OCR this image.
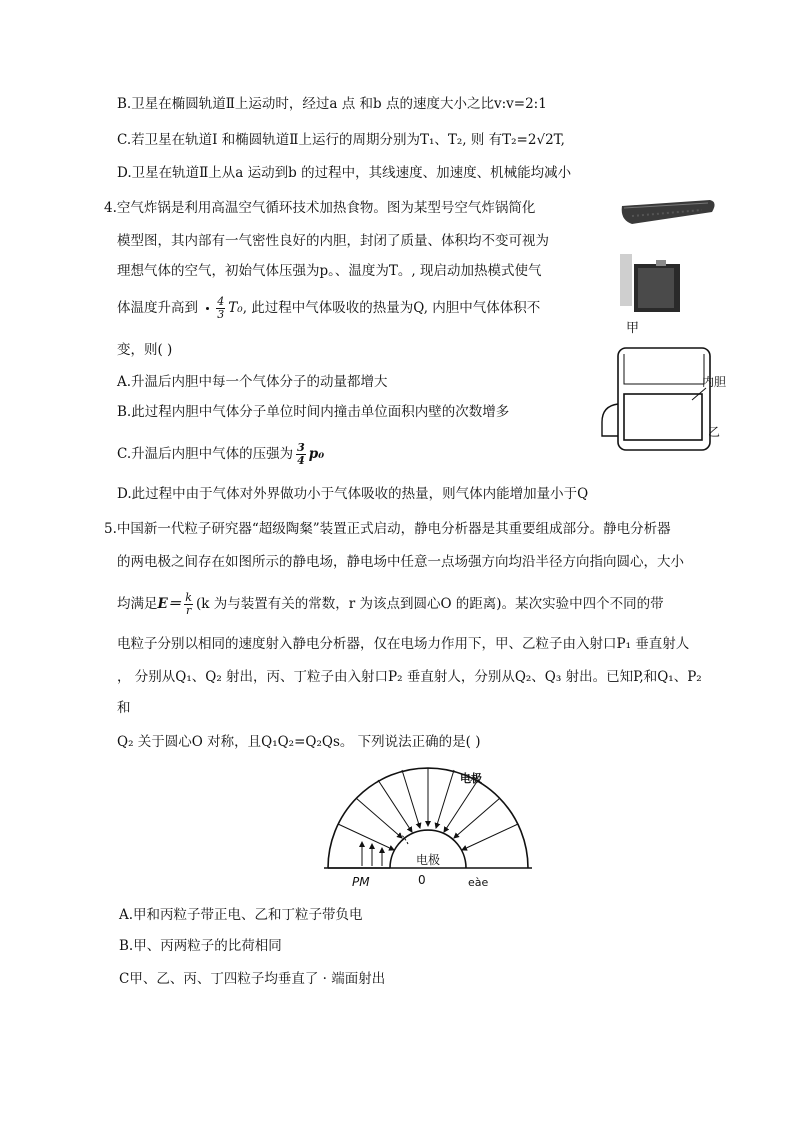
B.卫星在椭圆轨道Ⅱ上运动时，经过a 点 和b 点的速度大小之比v:v=2:1
C.若卫星在轨道Ⅰ 和椭圆轨道Ⅱ上运行的周期分别为T₁、T₂, 则 有T₂=2√2T,
D.卫星在轨道Ⅱ上从a 运动到b 的过程中，其线速度、加速度、机械能均减小
4.空气炸锅是利用高温空气循环技术加热食物。图为某型号空气炸锅简化
模型图，其内部有一气密性良好的内胆，封闭了质量、体积均不变可视为
理想气体的空气，初始气体压强为p。、温度为T。, 现启动加热模式使气
体温度升高到 $\frac{4}{3} T_0$, 此过程中气体吸收的热量为Q, 内胆中气体体积不
变，则( )
A.升温后内胆中每一个气体分子的动量都增大
B.此过程内胆中气体分子单位时间内撞击单位面积内壁的次数增多
C.升温后内胆中气体的压强为 $\frac{3}{4} p_0$
D.此过程中由于气体对外界做功小于气体吸收的热量，则气体内能增加量小于Q
甲
内胆
乙
5.中国新一代粒子研究器“超级陶粲”装置正式启动，静电分析器是其重要组成部分。静电分析器
的两电极之间存在如图所示的静电场，静电场中任意一点场强方向均沿半径方向指向圆心，大小
均满足$E= \frac{k}{r} (k$ 为与装置有关的常数，r 为该点到圆心O 的距离)。某次实验中四个不同的带
电粒子分别以相同的速度射入静电分析器，仅在电场力作用下，甲、乙粒子由入射口P₁ 垂直射人
， 分别从Q₁、Q₂ 射出，丙、丁粒子由入射口P₂ 垂直射人，分别从Q₂、Q₃ 射出。已知P,和Q₁、P₂
和
Q₂ 关于圆心O 对称，且Q₁Q₂=Q₂Qs。 下列说法正确的是( )
电极
电极
PM	0	eàe
A.甲和丙粒子带正电、乙和丁粒子带负电
B.甲、丙两粒子的比荷相同
C甲、乙、丙、丁四粒子均垂直了 · 端面射出
